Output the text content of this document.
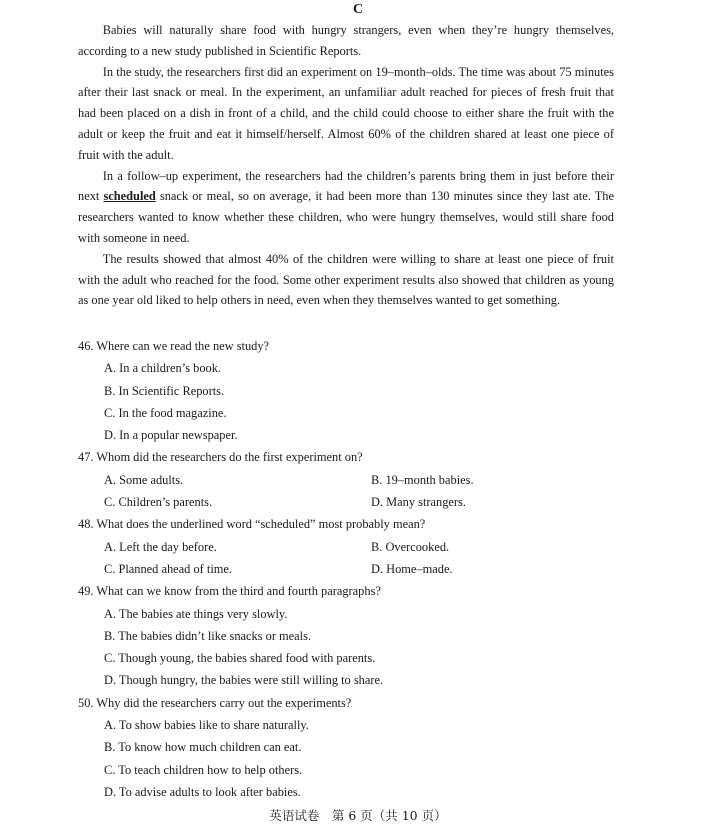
C

Babies will naturally share food with hungry strangers, even when they’re hungry themselves, according to a new study published in Scientific Reports.

In the study, the researchers first did an experiment on 19–month–olds. The time was about 75 minutes after their last snack or meal. In the experiment, an unfamiliar adult reached for pieces of fresh fruit that had been placed on a dish in front of a child, and the child could choose to either share the fruit with the adult or keep the fruit and eat it himself/herself. Almost 60% of the children shared at least one piece of fruit with the adult.

In a follow–up experiment, the researchers had the children’s parents bring them in just before their next scheduled snack or meal, so on average, it had been more than 130 minutes since they last ate. The researchers wanted to know whether these children, who were hungry themselves, would still share food with someone in need.

The results showed that almost 40% of the children were willing to share at least one piece of fruit with the adult who reached for the food. Some other experiment results also showed that children as young as one year old liked to help others in need, even when they themselves wanted to get something.

46. Where can we read the new study?
A. In a children’s book.
B. In Scientific Reports.
C. In the food magazine.
D. In a popular newspaper.
47. Whom did the researchers do the first experiment on?
A. Some adults.	B. 19–month babies.
C. Children’s parents.	D. Many strangers.
48. What does the underlined word “scheduled” most probably mean?
A. Left the day before.	B. Overcooked.
C. Planned ahead of time.	D. Home–made.
49. What can we know from the third and fourth paragraphs?
A. The babies ate things very slowly.
B. The babies didn’t like snacks or meals.
C. Though young, the babies shared food with parents.
D. Though hungry, the babies were still willing to share.
50. Why did the researchers carry out the experiments?
A. To show babies like to share naturally.
B. To know how much children can eat.
C. To teach children how to help others.
D. To advise adults to look after babies.
英语试卷　第 6 页（共 10 页）
